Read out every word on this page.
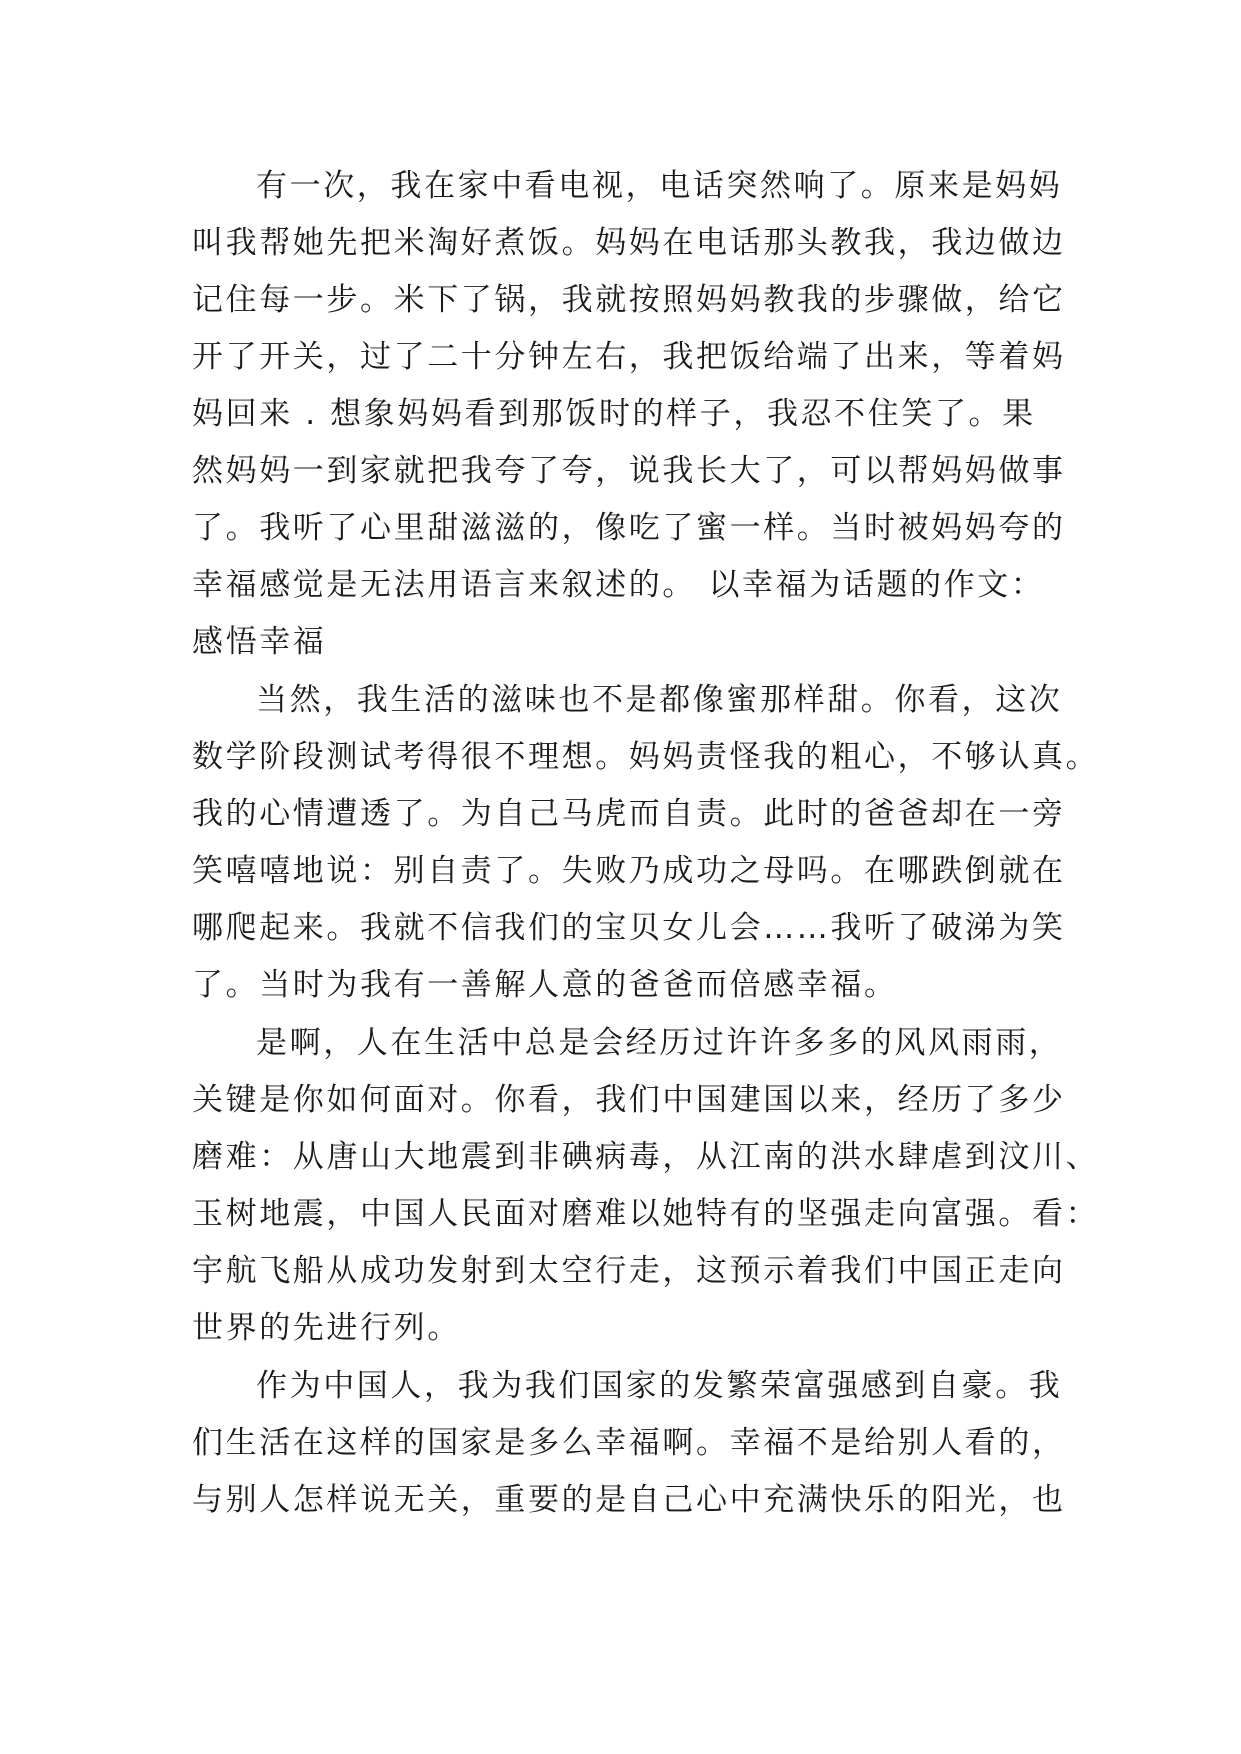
有一次，我在家中看电视，电话突然响了。原来是妈妈
叫我帮她先把米淘好煮饭。妈妈在电话那头教我，我边做边
记住每一步。米下了锅，我就按照妈妈教我的步骤做，给它
开了开关，过了二十分钟左右，我把饭给端了出来，等着妈
妈回来 . 想象妈妈看到那饭时的样子，我忍不住笑了。果
然妈妈一到家就把我夸了夸，说我长大了，可以帮妈妈做事
了。我听了心里甜滋滋的，像吃了蜜一样。当时被妈妈夸的
幸福感觉是无法用语言来叙述的。 以幸福为话题的作文：
感悟幸福
当然，我生活的滋味也不是都像蜜那样甜。你看，这次
数学阶段测试考得很不理想。妈妈责怪我的粗心，不够认真。
我的心情遭透了。为自己马虎而自责。此时的爸爸却在一旁
笑嘻嘻地说：别自责了。失败乃成功之母吗。在哪跌倒就在
哪爬起来。我就不信我们的宝贝女儿会……我听了破涕为笑
了。当时为我有一善解人意的爸爸而倍感幸福。
是啊，人在生活中总是会经历过许许多多的风风雨雨，
关键是你如何面对。你看，我们中国建国以来，经历了多少
磨难：从唐山大地震到非碘病毒，从江南的洪水肆虐到汶川、
玉树地震，中国人民面对磨难以她特有的坚强走向富强。看：
宇航飞船从成功发射到太空行走，这预示着我们中国正走向
世界的先进行列。
作为中国人，我为我们国家的发繁荣富强感到自豪。我
们生活在这样的国家是多么幸福啊。幸福不是给别人看的，
与别人怎样说无关，重要的是自己心中充满快乐的阳光，也
